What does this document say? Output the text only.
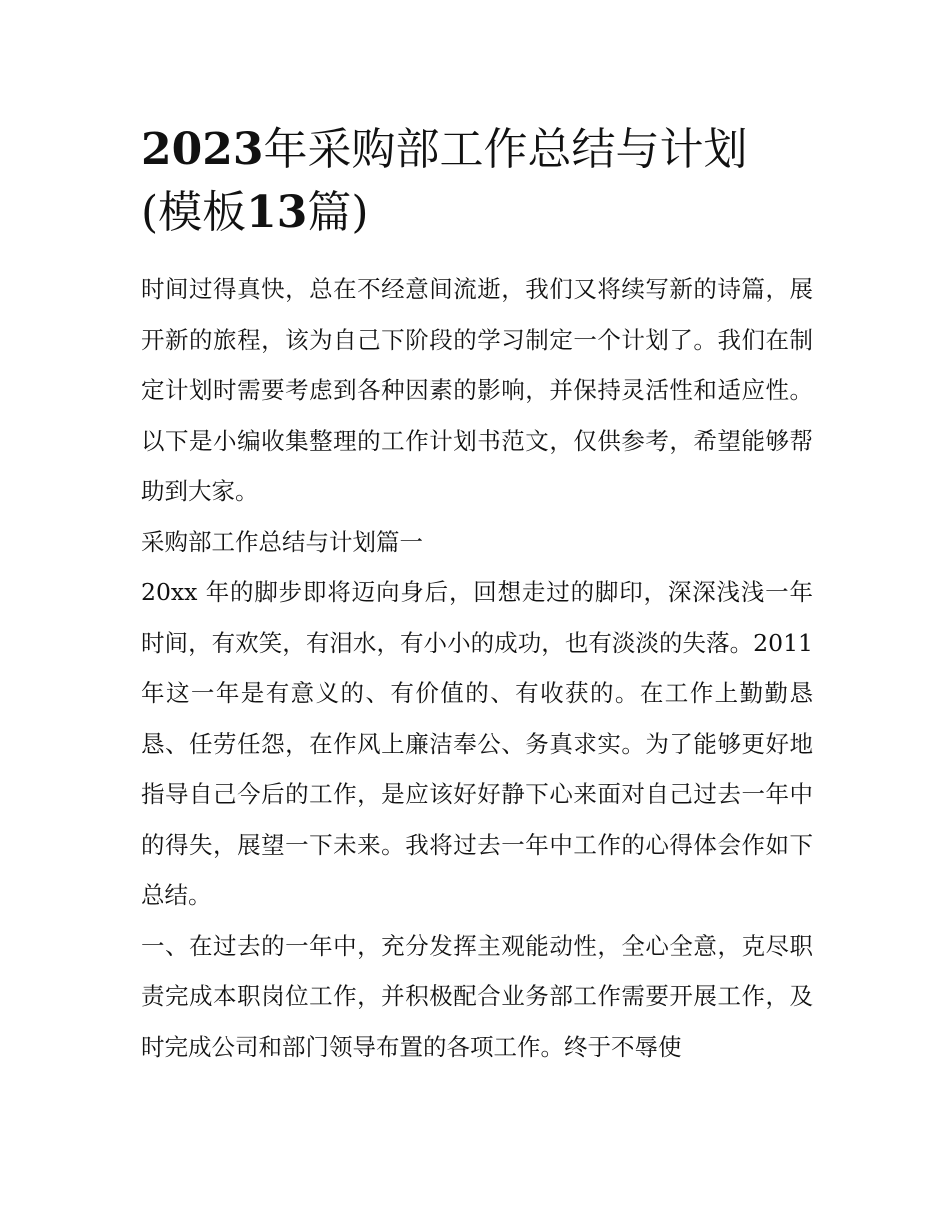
2023年采购部工作总结与计划
(模板13篇)

时间过得真快，总在不经意间流逝，我们又将续写新的诗篇，展开新的旅程，该为自己下阶段的学习制定一个计划了。我们在制定计划时需要考虑到各种因素的影响，并保持灵活性和适应性。以下是小编收集整理的工作计划书范文，仅供参考，希望能够帮助到大家。

采购部工作总结与计划篇一

20xx 年的脚步即将迈向身后，回想走过的脚印，深深浅浅一年时间，有欢笑，有泪水，有小小的成功，也有淡淡的失落。2011 年这一年是有意义的、有价值的、有收获的。在工作上勤勤恳恳、任劳任怨，在作风上廉洁奉公、务真求实。为了能够更好地指导自己今后的工作，是应该好好静下心来面对自己过去一年中的得失，展望一下未来。我将过去一年中工作的心得体会作如下总结。

一、在过去的一年中，充分发挥主观能动性，全心全意，克尽职责完成本职岗位工作，并积极配合业务部工作需要开展工作，及时完成公司和部门领导布置的各项工作。终于不辱使
